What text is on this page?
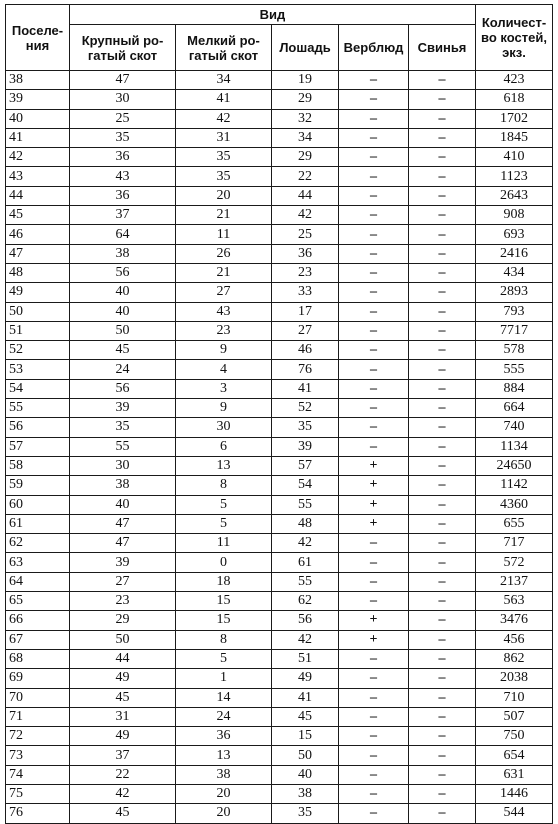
Поселе-ния	Вид					Количест-во костей, экз.
	Крупный ро-гатый скот	Мелкий ро-гатый скот	Лошадь	Верблюд	Свинья	
38	47	34	19	–	–	423
39	30	41	29	–	–	618
40	25	42	32	–	–	1702
41	35	31	34	–	–	1845
42	36	35	29	–	–	410
43	43	35	22	–	–	1123
44	36	20	44	–	–	2643
45	37	21	42	–	–	908
46	64	11	25	–	–	693
47	38	26	36	–	–	2416
48	56	21	23	–	–	434
49	40	27	33	–	–	2893
50	40	43	17	–	–	793
51	50	23	27	–	–	7717
52	45	9	46	–	–	578
53	24	4	76	–	–	555
54	56	3	41	–	–	884
55	39	9	52	–	–	664
56	35	30	35	–	–	740
57	55	6	39	–	–	1134
58	30	13	57	+	–	24650
59	38	8	54	+	–	1142
60	40	5	55	+	–	4360
61	47	5	48	+	–	655
62	47	11	42	–	–	717
63	39	0	61	–	–	572
64	27	18	55	–	–	2137
65	23	15	62	–	–	563
66	29	15	56	+	–	3476
67	50	8	42	+	–	456
68	44	5	51	–	–	862
69	49	1	49	–	–	2038
70	45	14	41	–	–	710
71	31	24	45	–	–	507
72	49	36	15	–	–	750
73	37	13	50	–	–	654
74	22	38	40	–	–	631
75	42	20	38	–	–	1446
76	45	20	35	–	–	544
